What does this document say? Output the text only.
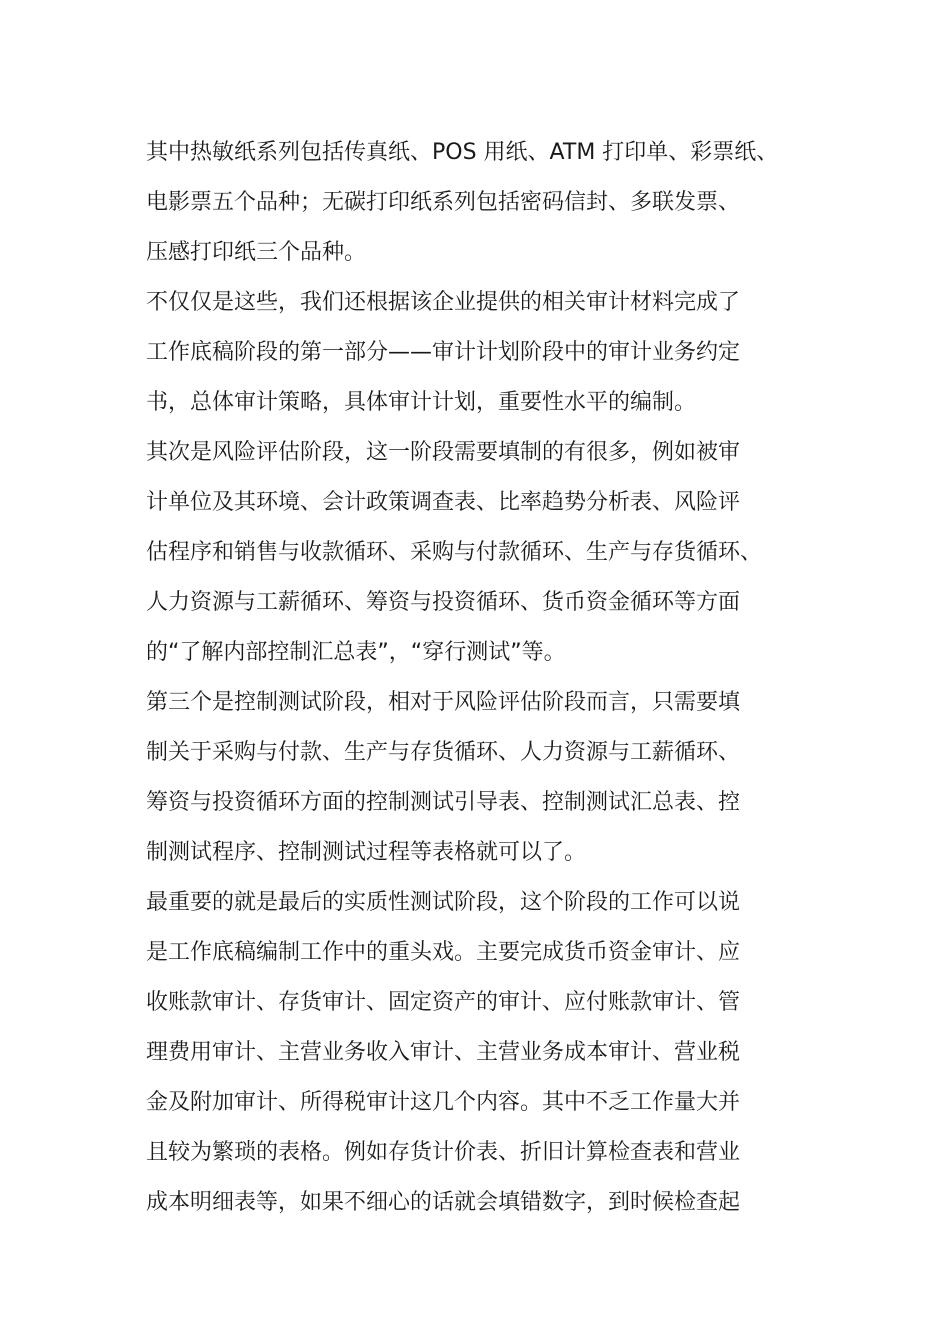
其中热敏纸系列包括传真纸、POS 用纸、ATM 打印单、彩票纸、
电影票五个品种；无碳打印纸系列包括密码信封、多联发票、
压感打印纸三个品种。
不仅仅是这些，我们还根据该企业提供的相关审计材料完成了
工作底稿阶段的第一部分——审计计划阶段中的审计业务约定
书，总体审计策略，具体审计计划，重要性水平的编制。
其次是风险评估阶段，这一阶段需要填制的有很多，例如被审
计单位及其环境、会计政策调查表、比率趋势分析表、风险评
估程序和销售与收款循环、采购与付款循环、生产与存货循环、
人力资源与工薪循环、筹资与投资循环、货币资金循环等方面
的“了解内部控制汇总表”，“穿行测试”等。
第三个是控制测试阶段，相对于风险评估阶段而言，只需要填
制关于采购与付款、生产与存货循环、人力资源与工薪循环、
筹资与投资循环方面的控制测试引导表、控制测试汇总表、控
制测试程序、控制测试过程等表格就可以了。
最重要的就是最后的实质性测试阶段，这个阶段的工作可以说
是工作底稿编制工作中的重头戏。主要完成货币资金审计、应
收账款审计、存货审计、固定资产的审计、应付账款审计、管
理费用审计、主营业务收入审计、主营业务成本审计、营业税
金及附加审计、所得税审计这几个内容。其中不乏工作量大并
且较为繁琐的表格。例如存货计价表、折旧计算检查表和营业
成本明细表等，如果不细心的话就会填错数字，到时候检查起
